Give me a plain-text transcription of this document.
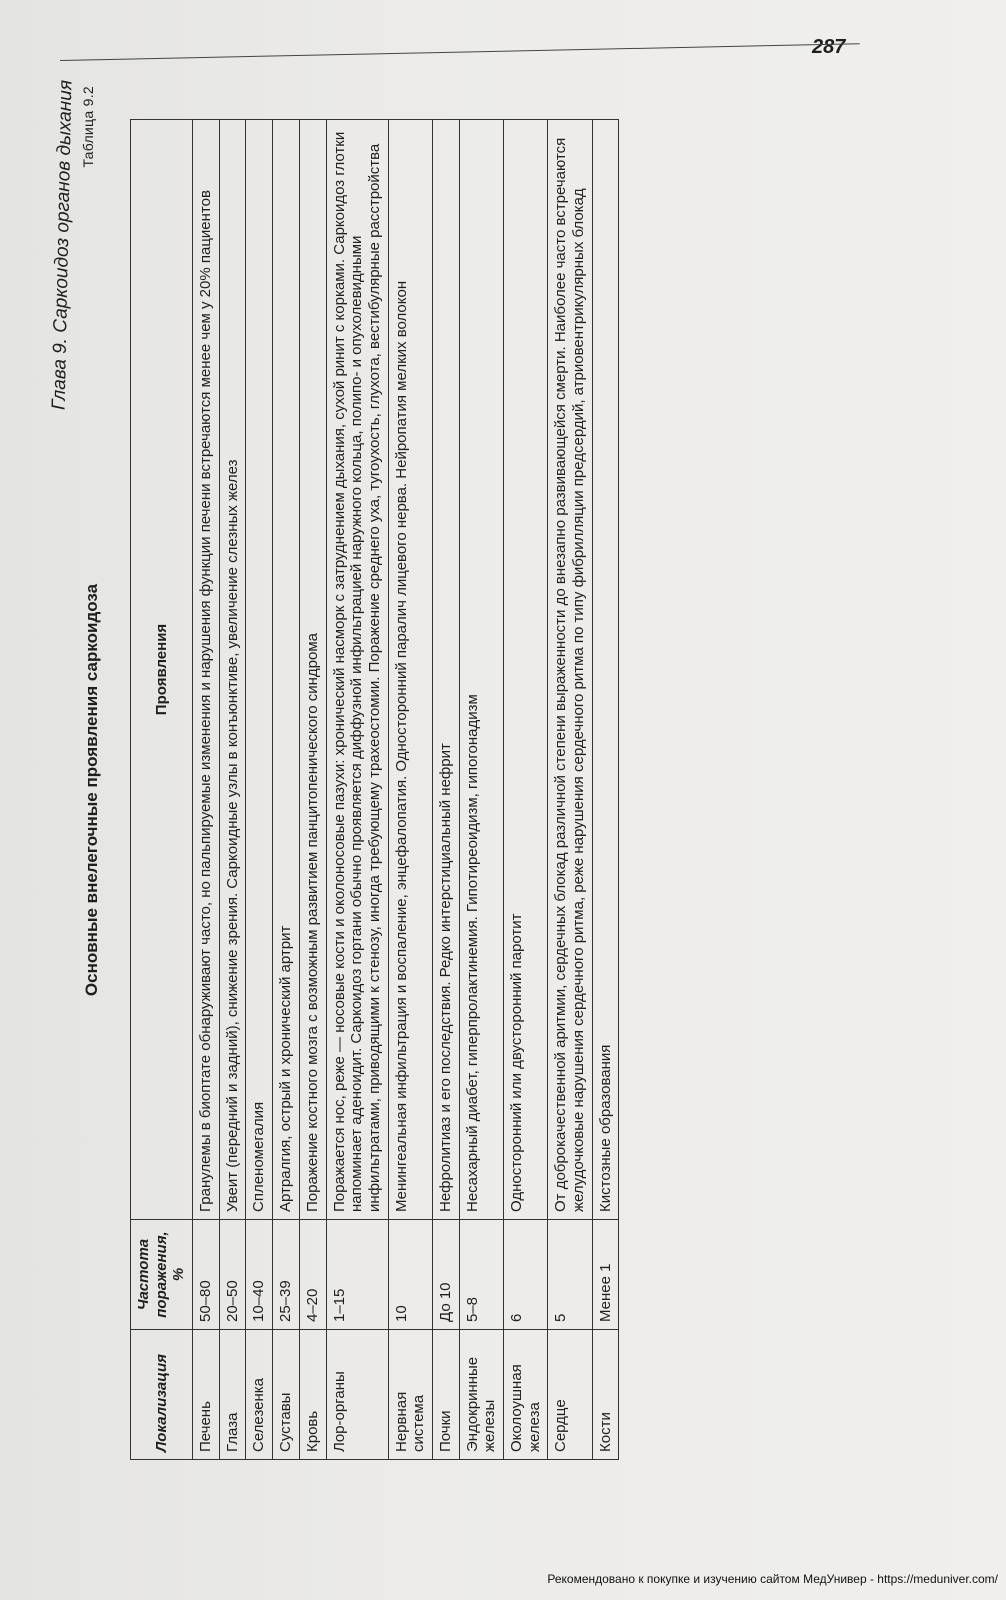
Глава 9. Саркоидоз органов дыхания Таблица 9.2
Основные внелегочные проявления саркоидоза
Локализация	Частота поражения, %	Проявления
Печень	50–80	Гранулемы в биоптате обнаруживают часто, но пальпируемые изменения и нарушения функции печени встречаются менее чем у 20% пациентов
Глаза	20–50	Увеит (передний и задний), снижение зрения. Саркоидные узлы в конъюнктиве, увеличение слезных желез
Селезенка	10–40	Спленомегалия
Суставы	25–39	Артралгия, острый и хронический артрит
Кровь	4–20	Поражение костного мозга с возможным развитием панцитопенического синдрома
Лор-органы	1–15	Поражается нос, реже — носовые кости и околоносовые пазухи: хронический насморк с затруднением дыхания, сухой ринит с корками. Саркоидоз глотки напоминает аденоидит. Саркоидоз гортани обычно проявляется диффузной инфильтрацией наружного кольца, полипо- и опухолевидными инфильтратами, приводящими к стенозу, иногда требующему трахеостомии. Поражение среднего уха, тугоухость, глухота, вестибулярные расстройства
Нервная система	10	Менингеальная инфильтрация и воспаление, энцефалопатия. Односторонний паралич лицевого нерва. Нейропатия мелких волокон
Почки	До 10	Нефролитиаз и его последствия. Редко интерстициальный нефрит
Эндокринные железы	5–8	Несахарный диабет, гиперпролактинемия. Гипотиреоидизм, гипогонадизм
Околоушная железа	6	Односторонний или двусторонний паротит
Сердце	5	От доброкачественной аритмии, сердечных блокад различной степени выраженности до внезапно развивающейся смерти. Наиболее часто встречаются желудочковые нарушения сердечного ритма, реже нарушения сердечного ритма по типу фибрилляции предсердий, атриовентрикулярных блокад
Кости	Менее 1	Кистозные образования
287
Рекомендовано к покупке и изучению сайтом МедУнивер - https://meduniver.com/
